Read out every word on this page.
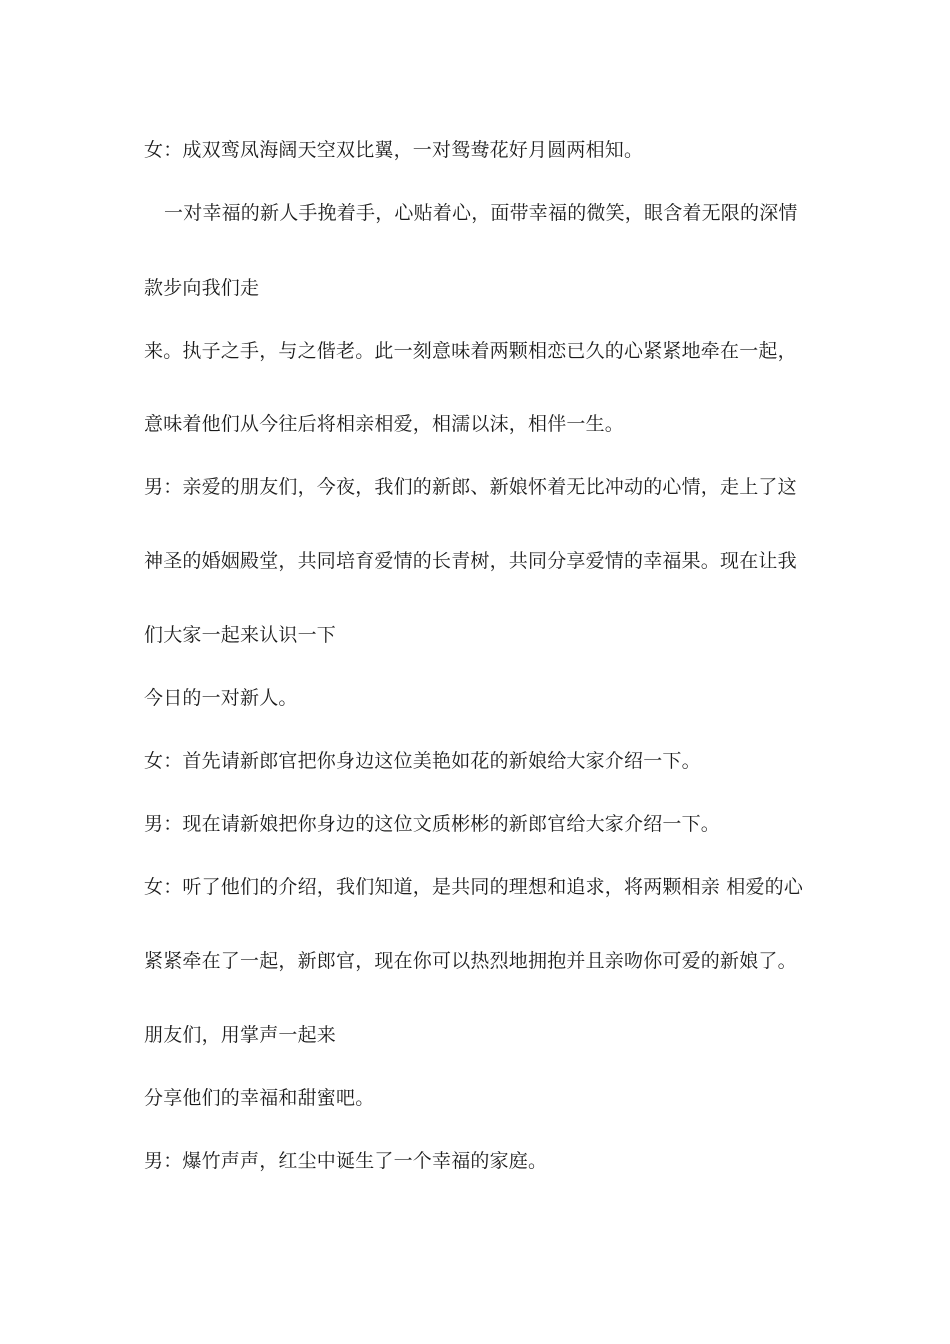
女：成双鸾凤海阔天空双比翼，一对鸳鸯花好月圆两相知。
一对幸福的新人手挽着手，心贴着心，面带幸福的微笑，眼含着无限的深情
款步向我们走
来。执子之手，与之偕老。此一刻意味着两颗相恋已久的心紧紧地牵在一起，
意味着他们从今往后将相亲相爱，相濡以沫，相伴一生。
男：亲爱的朋友们，今夜，我们的新郎、新娘怀着无比冲动的心情，走上了这
神圣的婚姻殿堂，共同培育爱情的长青树，共同分享爱情的幸福果。现在让我
们大家一起来认识一下
今日的一对新人。
女：首先请新郎官把你身边这位美艳如花的新娘给大家介绍一下。
男：现在请新娘把你身边的这位文质彬彬的新郎官给大家介绍一下。
女：听了他们的介绍，我们知道，是共同的理想和追求，将两颗相亲 相爱的心
紧紧牵在了一起，新郎官，现在你可以热烈地拥抱并且亲吻你可爱的新娘了。
朋友们，用掌声一起来
分享他们的幸福和甜蜜吧。
男：爆竹声声，红尘中诞生了一个幸福的家庭。
